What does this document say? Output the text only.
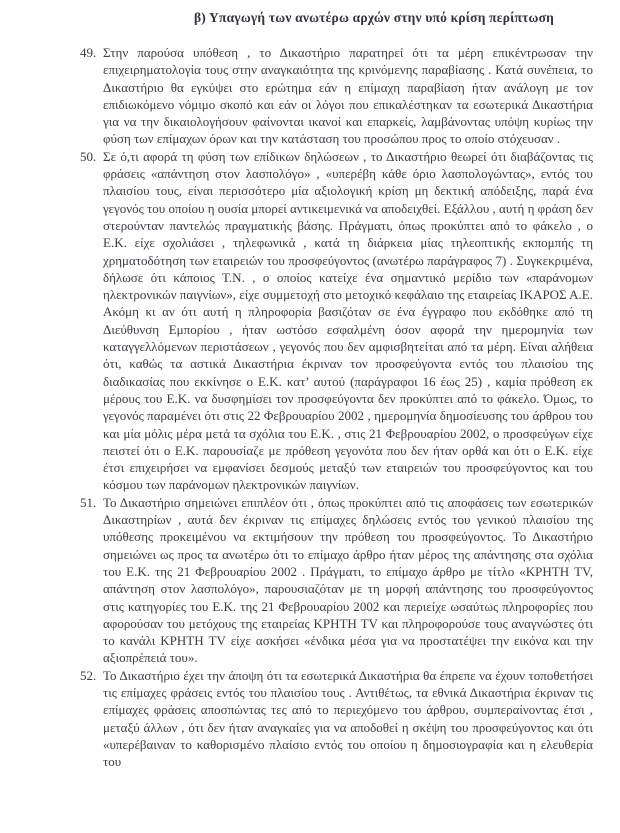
β) Υπαγωγή των ανωτέρω αρχών στην υπό κρίση περίπτωση
49. Στην παρούσα υπόθεση , το Δικαστήριο παρατηρεί ότι τα μέρη επικέντρωσαν την επιχειρηματολογία τους στην αναγκαιότητα της κρινόμενης παραβίασης . Κατά συνέπεια, το Δικαστήριο θα εγκύψει στο ερώτημα εάν η επίμαχη παραβίαση ήταν ανάλογη με τον επιδιωκόμενο νόμιμο σκοπό και εάν οι λόγοι που επικαλέστηκαν τα εσωτερικά Δικαστήρια για να την δικαιολογήσουν φαίνονται ικανοί και επαρκείς, λαμβάνοντας υπόψη κυρίως την φύση των επίμαχων όρων και την κατάσταση του προσώπου προς το οποίο στόχευσαν .
50. Σε ό,τι αφορά τη φύση των επίδικων δηλώσεων , το Δικαστήριο θεωρεί ότι διαβάζοντας τις φράσεις «απάντηση στον λασπολόγο» , «υπερέβη κάθε όριο λασπολογώντας», εντός του πλαισίου τους, είναι περισσότερο μία αξιολογική κρίση μη δεκτική απόδειξης, παρά ένα γεγονός του οποίου η ουσία μπορεί αντικειμενικά να αποδειχθεί. Εξάλλου , αυτή η φράση δεν στερούνταν παντελώς πραγματικής βάσης. Πράγματι, όπως προκύπτει από το φάκελο , ο Ε.Κ. είχε σχολιάσει , τηλεφωνικά , κατά τη διάρκεια μίας τηλεοπτικής εκπομπής τη χρηματοδότηση των εταιρειών του προσφεύγοντος (ανωτέρω παράγραφος 7) . Συγκεκριμένα, δήλωσε ότι κάποιος Τ.Ν. , ο οποίος κατείχε ένα σημαντικό μερίδιο των «παράνομων ηλεκτρονικών παιγνίων», είχε συμμετοχή στο μετοχικό κεφάλαιο της εταιρείας ΙΚΑΡΟΣ Α.Ε. Ακόμη κι αν ότι αυτή η πληροφορία βασιζόταν σε ένα έγγραφο που εκδόθηκε από τη Διεύθυνση Εμπορίου , ήταν ωστόσο εσφαλμένη όσον αφορά την ημερομηνία των καταγγελλόμενων περιστάσεων , γεγονός που δεν αμφισβητείται από τα μέρη. Είναι αλήθεια ότι, καθώς τα αστικά Δικαστήρια έκριναν τον προσφεύγοντα εντός του πλαισίου της διαδικασίας που εκκίνησε ο Ε.Κ. κατ’ αυτού (παράγραφοι 16 έως 25) , καμία πρόθεση εκ μέρους του Ε.Κ. να δυσφημίσει τον προσφεύγοντα δεν προκύπτει από το φάκελο. Όμως, το γεγονός παραμένει ότι στις 22 Φεβρουαρίου 2002 , ημερομηνία δημοσίευσης του άρθρου του και μία μόλις μέρα μετά τα σχόλια του Ε.Κ. , στις 21 Φεβρουαρίου 2002, ο προσφεύγων είχε πειστεί ότι ο Ε.Κ. παρουσίαζε με πρόθεση γεγονότα που δεν ήταν ορθά και ότι ο Ε.Κ. είχε έτσι επιχειρήσει να εμφανίσει δεσμούς μεταξύ των εταιρειών του προσφεύγοντος και του κόσμου των παράνομων ηλεκτρονικών παιγνίων.
51. Το Δικαστήριο σημειώνει επιπλέον ότι , όπως προκύπτει από τις αποφάσεις των εσωτερικών Δικαστηρίων , αυτά δεν έκριναν τις επίμαχες δηλώσεις εντός του γενικού πλαισίου της υπόθεσης προκειμένου να εκτιμήσουν την πρόθεση του προσφεύγοντος. Το Δικαστήριο σημειώνει ως προς τα ανωτέρω ότι το επίμαχο άρθρο ήταν μέρος της απάντησης στα σχόλια του Ε.Κ. της 21 Φεβρουαρίου 2002 . Πράγματι, το επίμαχο άρθρο με τίτλο «ΚΡΗΤΗ TV, απάντηση στον λασπολόγο», παρουσιαζόταν με τη μορφή απάντησης του προσφεύγοντος στις κατηγορίες του Ε.Κ. της 21 Φεβρουαρίου 2002 και περιείχε ωσαύτως πληροφορίες που αφορούσαν του μετόχους της εταιρείας ΚΡΗΤΗ TV και πληροφορούσε τους αναγνώστες ότι το κανάλι ΚΡΗΤΗ TV είχε ασκήσει «ένδικα μέσα για να προστατέψει την εικόνα και την αξιοπρέπειά του».
52. Το Δικαστήριο έχει την άποψη ότι τα εσωτερικά Δικαστήρια θα έπρεπε να έχουν τοποθετήσει τις επίμαχες φράσεις εντός του πλαισίου τους . Αντιθέτως, τα εθνικά Δικαστήρια έκριναν τις επίμαχες φράσεις αποσπώντας τες από το περιεχόμενο του άρθρου, συμπεραίνοντας έτσι , μεταξύ άλλων , ότι δεν ήταν αναγκαίες για να αποδοθεί η σκέψη του προσφεύγοντος και ότι «υπερέβαιναν το καθορισμένο πλαίσιο εντός του οποίου η δημοσιογραφία και η ελευθερία του
